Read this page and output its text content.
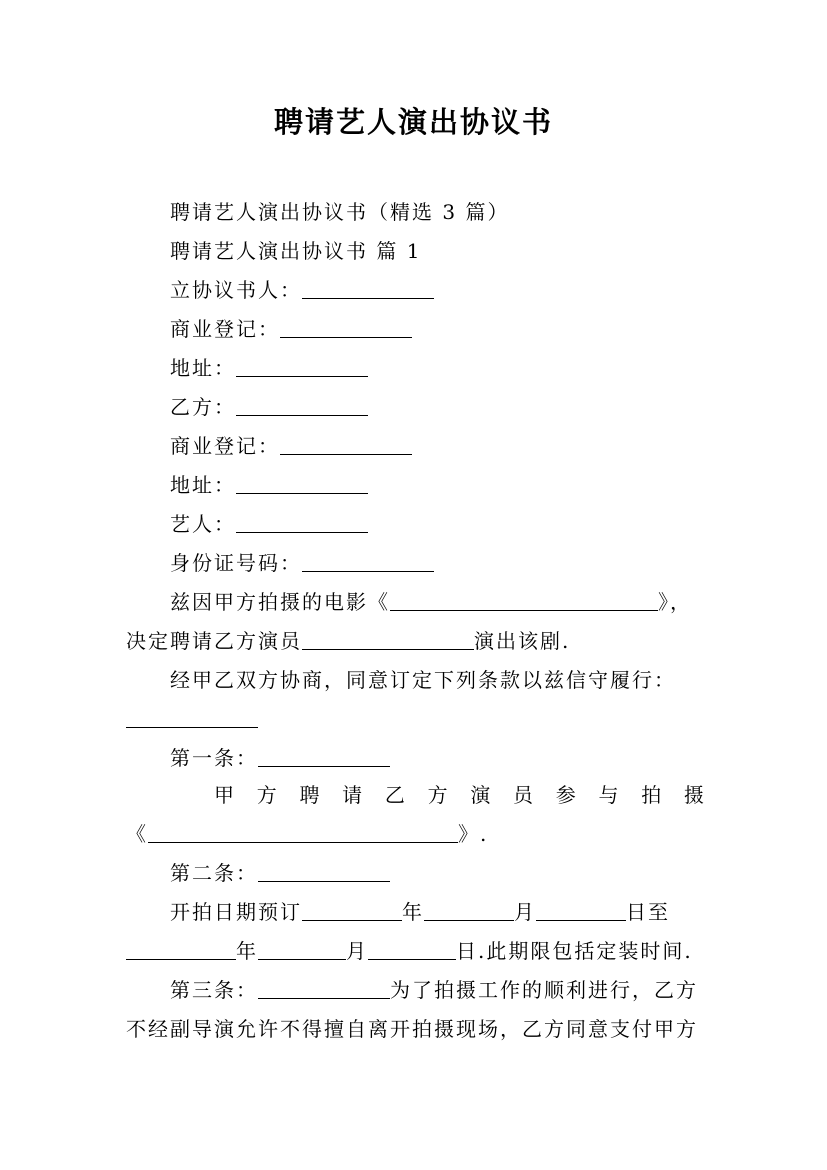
聘请艺人演出协议书
聘请艺人演出协议书（精选 3 篇）
聘请艺人演出协议书 篇 1
立协议书人：
商业登记：
地址：
乙方：
商业登记：
地址：
艺人：
身份证号码：
兹因甲方拍摄的电影《	》，
决定聘请乙方演员	演出该剧.
经甲乙双方协商，同意订定下列条款以兹信守履行：
第一条：
甲 方 聘 请 乙 方 演 员 参 与 拍 摄
《	》.
第二条：
开拍日期预订	年	月	日至
年	月	日.此期限包括定装时间.
第三条：	为了拍摄工作的顺利进行，乙方
不经副导演允许不得擅自离开拍摄现场，乙方同意支付甲方
